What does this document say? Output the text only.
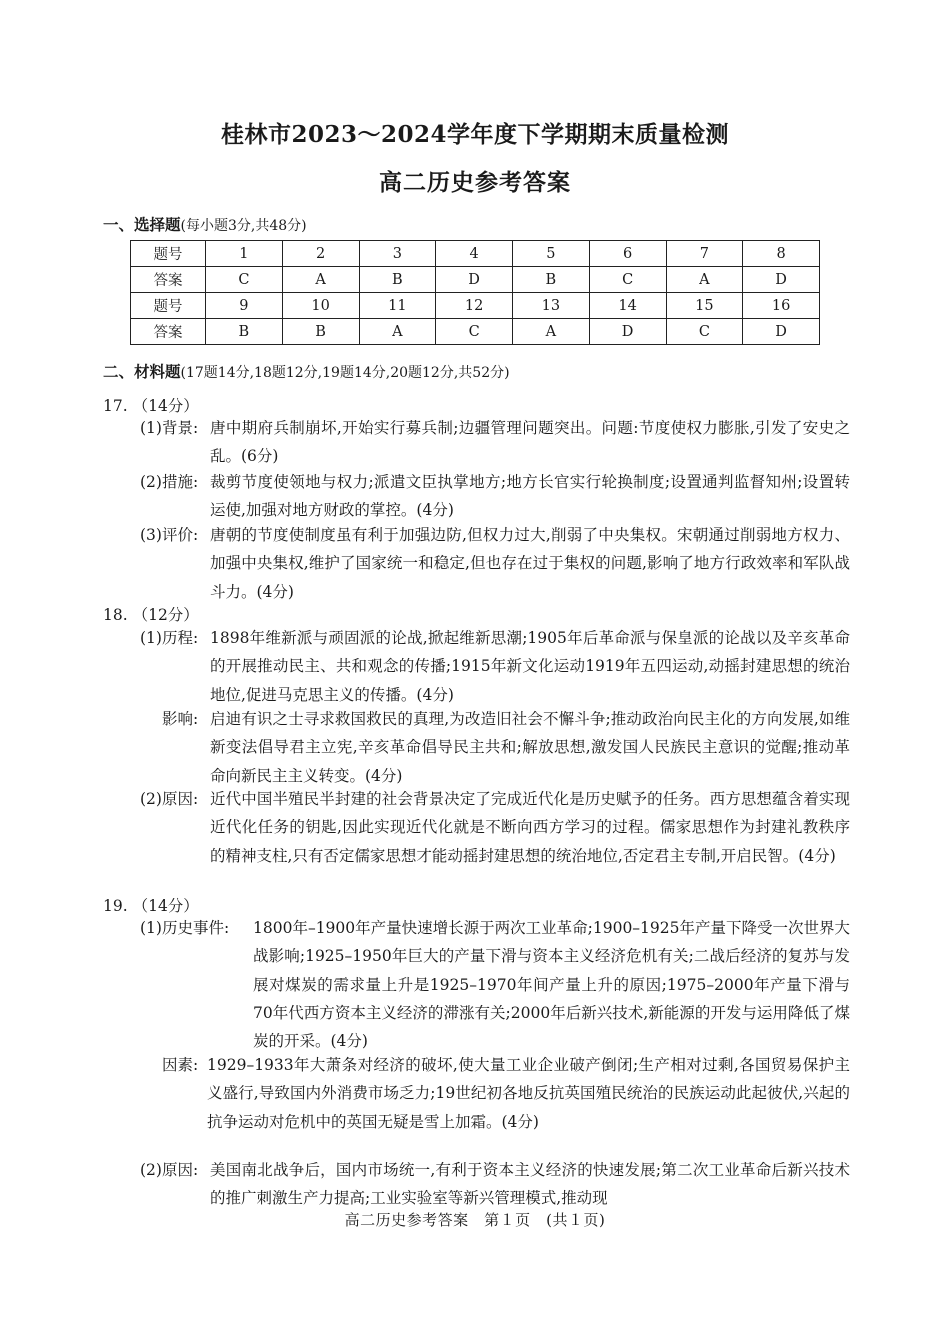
桂林市2023～2024学年度下学期期末质量检测
高二历史参考答案
一、选择题(每小题3分,共48分)
题号	1	2	3	4	5	6	7	8
答案	C	A	B	D	B	C	A	D
题号	9	10	11	12	13	14	15	16
答案	B	B	A	C	A	D	C	D
二、材料题(17题14分,18题12分,19题14分,20题12分,共52分)
17. （14分）
(1)背景: 唐中期府兵制崩坏,开始实行募兵制;边疆管理问题突出。问题:节度使权力膨胀,引发了安史之乱。(6分)
(2)措施: 裁剪节度使领地与权力;派遣文臣执掌地方;地方长官实行轮换制度;设置通判监督知州;设置转运使,加强对地方财政的掌控。(4分)
(3)评价: 唐朝的节度使制度虽有利于加强边防,但权力过大,削弱了中央集权。宋朝通过削弱地方权力、加强中央集权,维护了国家统一和稳定,但也存在过于集权的问题,影响了地方行政效率和军队战斗力。(4分)
18. （12分）
(1)历程: 1898年维新派与顽固派的论战,掀起维新思潮;1905年后革命派与保皇派的论战以及辛亥革命的开展推动民主、共和观念的传播;1915年新文化运动1919年五四运动,动摇封建思想的统治地位,促进马克思主义的传播。(4分)
影响: 启迪有识之士寻求救国救民的真理,为改造旧社会不懈斗争;推动政治向民主化的方向发展,如维新变法倡导君主立宪,辛亥革命倡导民主共和;解放思想,激发国人民族民主意识的觉醒;推动革命向新民主主义转变。(4分)
(2)原因: 近代中国半殖民半封建的社会背景决定了完成近代化是历史赋予的任务。西方思想蕴含着实现近代化任务的钥匙,因此实现近代化就是不断向西方学习的过程。儒家思想作为封建礼教秩序的精神支柱,只有否定儒家思想才能动摇封建思想的统治地位,否定君主专制,开启民智。(4分)
19. （14分）
(1)历史事件: 1800年–1900年产量快速增长源于两次工业革命;1900–1925年产量下降受一次世界大战影响;1925–1950年巨大的产量下滑与资本主义经济危机有关;二战后经济的复苏与发展对煤炭的需求量上升是1925–1970年间产量上升的原因;1975–2000年产量下滑与70年代西方资本主义经济的滞涨有关;2000年后新兴技术,新能源的开发与运用降低了煤炭的开采。(4分)
因素: 1929–1933年大萧条对经济的破坏,使大量工业企业破产倒闭;生产相对过剩,各国贸易保护主义盛行,导致国内外消费市场乏力;19世纪初各地反抗英国殖民统治的民族运动此起彼伏,兴起的抗争运动对危机中的英国无疑是雪上加霜。(4分)
(2)原因: 美国南北战争后，国内市场统一,有利于资本主义经济的快速发展;第二次工业革命后新兴技术的推广刺激生产力提高;工业实验室等新兴管理模式,推动现
高二历史参考答案　第１页　(共１页)
